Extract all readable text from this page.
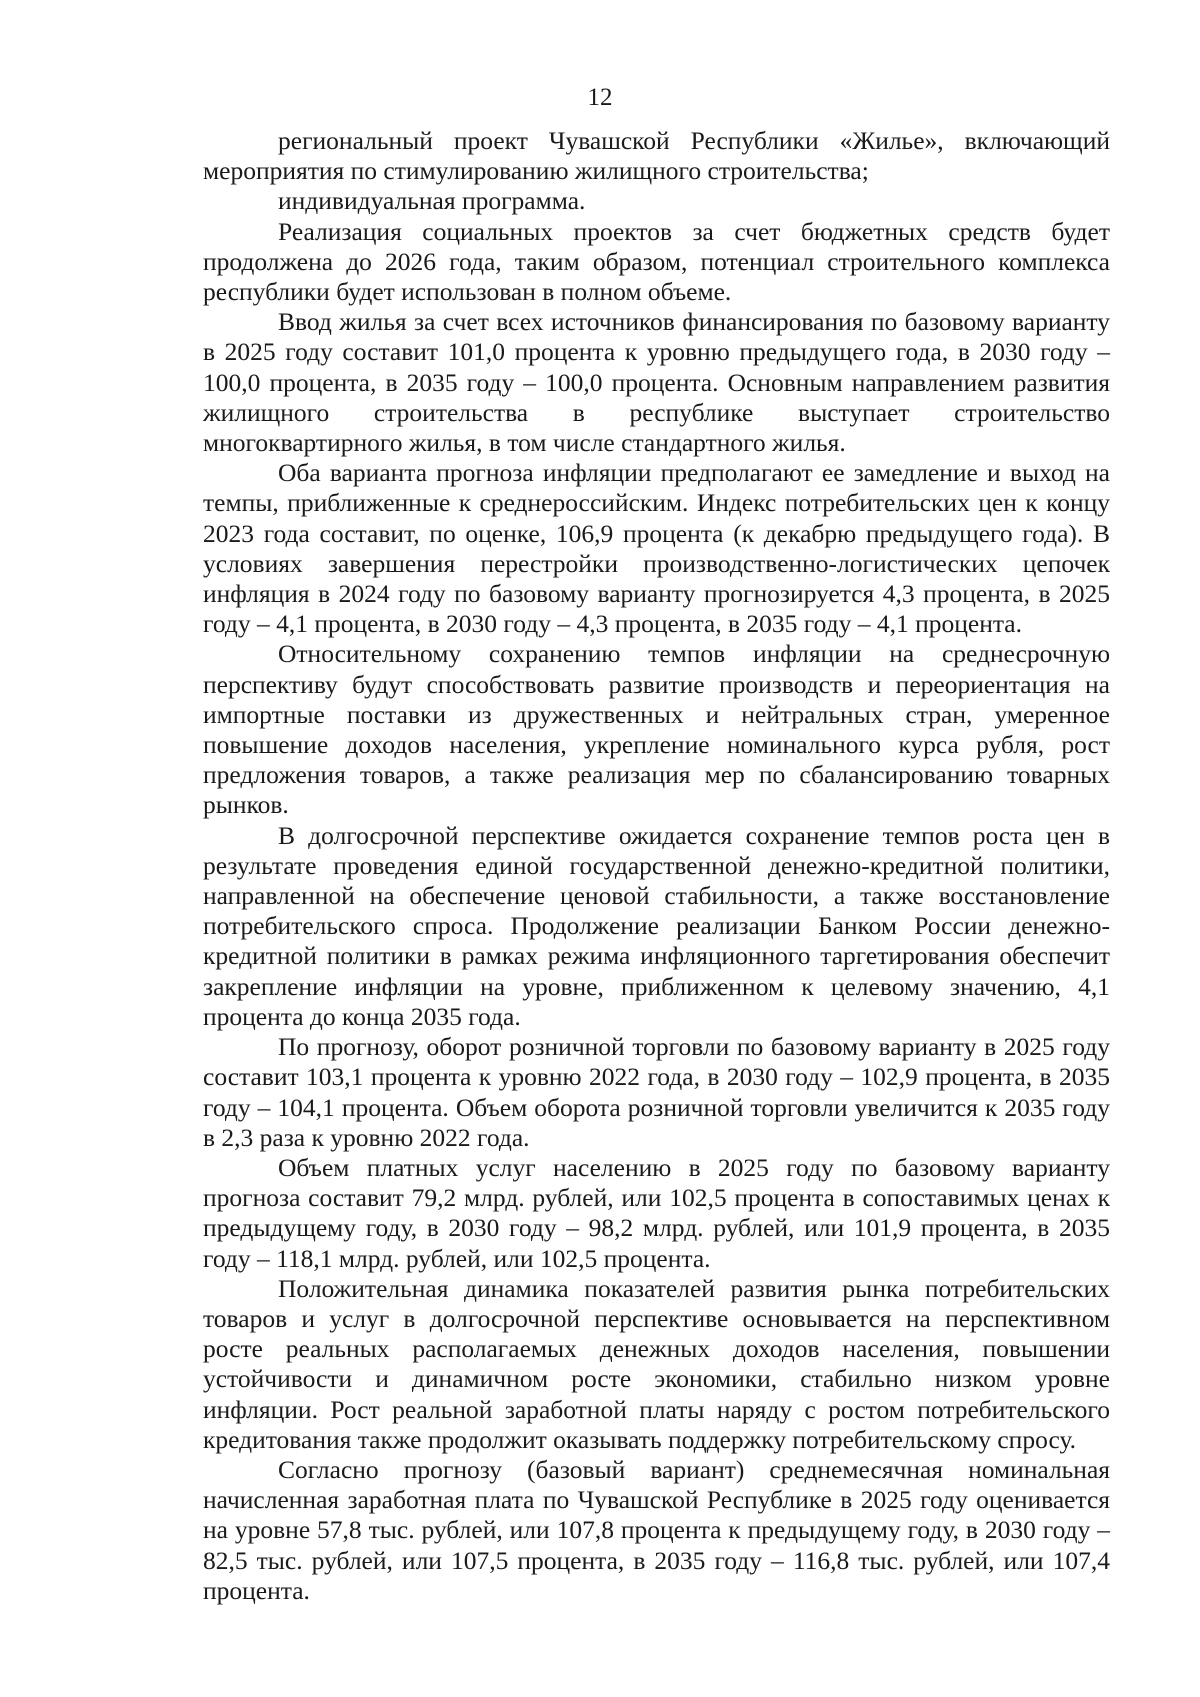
12

региональный проект Чувашской Республики «Жилье», включающий мероприятия по стимулированию жилищного строительства;

индивидуальная программа.

Реализация социальных проектов за счет бюджетных средств будет продолжена до 2026 года, таким образом, потенциал строительного комплекса республики будет использован в полном объеме.

Ввод жилья за счет всех источников финансирования по базовому варианту в 2025 году составит 101,0 процента к уровню предыдущего года, в 2030 году – 100,0 процента, в 2035 году – 100,0 процента. Основным направлением развития жилищного строительства в республике выступает строительство многоквартирного жилья, в том числе стандартного жилья.

Оба варианта прогноза инфляции предполагают ее замедление и выход на темпы, приближенные к среднероссийским. Индекс потребительских цен к концу 2023 года составит, по оценке, 106,9 процента (к декабрю предыдущего года). В условиях завершения перестройки производственно-логистических цепочек инфляция в 2024 году по базовому варианту прогнозируется 4,3 процента, в 2025 году – 4,1 процента, в 2030 году – 4,3 процента, в 2035 году – 4,1 процента.

Относительному сохранению темпов инфляции на среднесрочную перспективу будут способствовать развитие производств и переориентация на импортные поставки из дружественных и нейтральных стран, умеренное повышение доходов населения, укрепление номинального курса рубля, рост предложения товаров, а также реализация мер по сбалансированию товарных рынков.

В долгосрочной перспективе ожидается сохранение темпов роста цен в результате проведения единой государственной денежно-кредитной политики, направленной на обеспечение ценовой стабильности, а также восстановление потребительского спроса. Продолжение реализации Банком России денежно-кредитной политики в рамках режима инфляционного таргетирования обеспечит закрепление инфляции на уровне, приближенном к целевому значению, 4,1 процента до конца 2035 года.

По прогнозу, оборот розничной торговли по базовому варианту в 2025 году составит 103,1 процента к уровню 2022 года, в 2030 году – 102,9 процента, в 2035 году – 104,1 процента. Объем оборота розничной торговли увеличится к 2035 году в 2,3 раза к уровню 2022 года.

Объем платных услуг населению в 2025 году по базовому варианту прогноза составит 79,2 млрд. рублей, или 102,5 процента в сопоставимых ценах к предыдущему году, в 2030 году – 98,2 млрд. рублей, или 101,9 процента, в 2035 году – 118,1 млрд. рублей, или 102,5 процента.

Положительная динамика показателей развития рынка потребительских товаров и услуг в долгосрочной перспективе основывается на перспективном росте реальных располагаемых денежных доходов населения, повышении устойчивости и динамичном росте экономики, стабильно низком уровне инфляции. Рост реальной заработной платы наряду с ростом потребительского кредитования также продолжит оказывать поддержку потребительскому спросу.

Согласно прогнозу (базовый вариант) среднемесячная номинальная начисленная заработная плата по Чувашской Республике в 2025 году оценивается на уровне 57,8 тыс. рублей, или 107,8 процента к предыдущему году, в 2030 году – 82,5 тыс. рублей, или 107,5 процента, в 2035 году – 116,8 тыс. рублей, или 107,4 процента.
